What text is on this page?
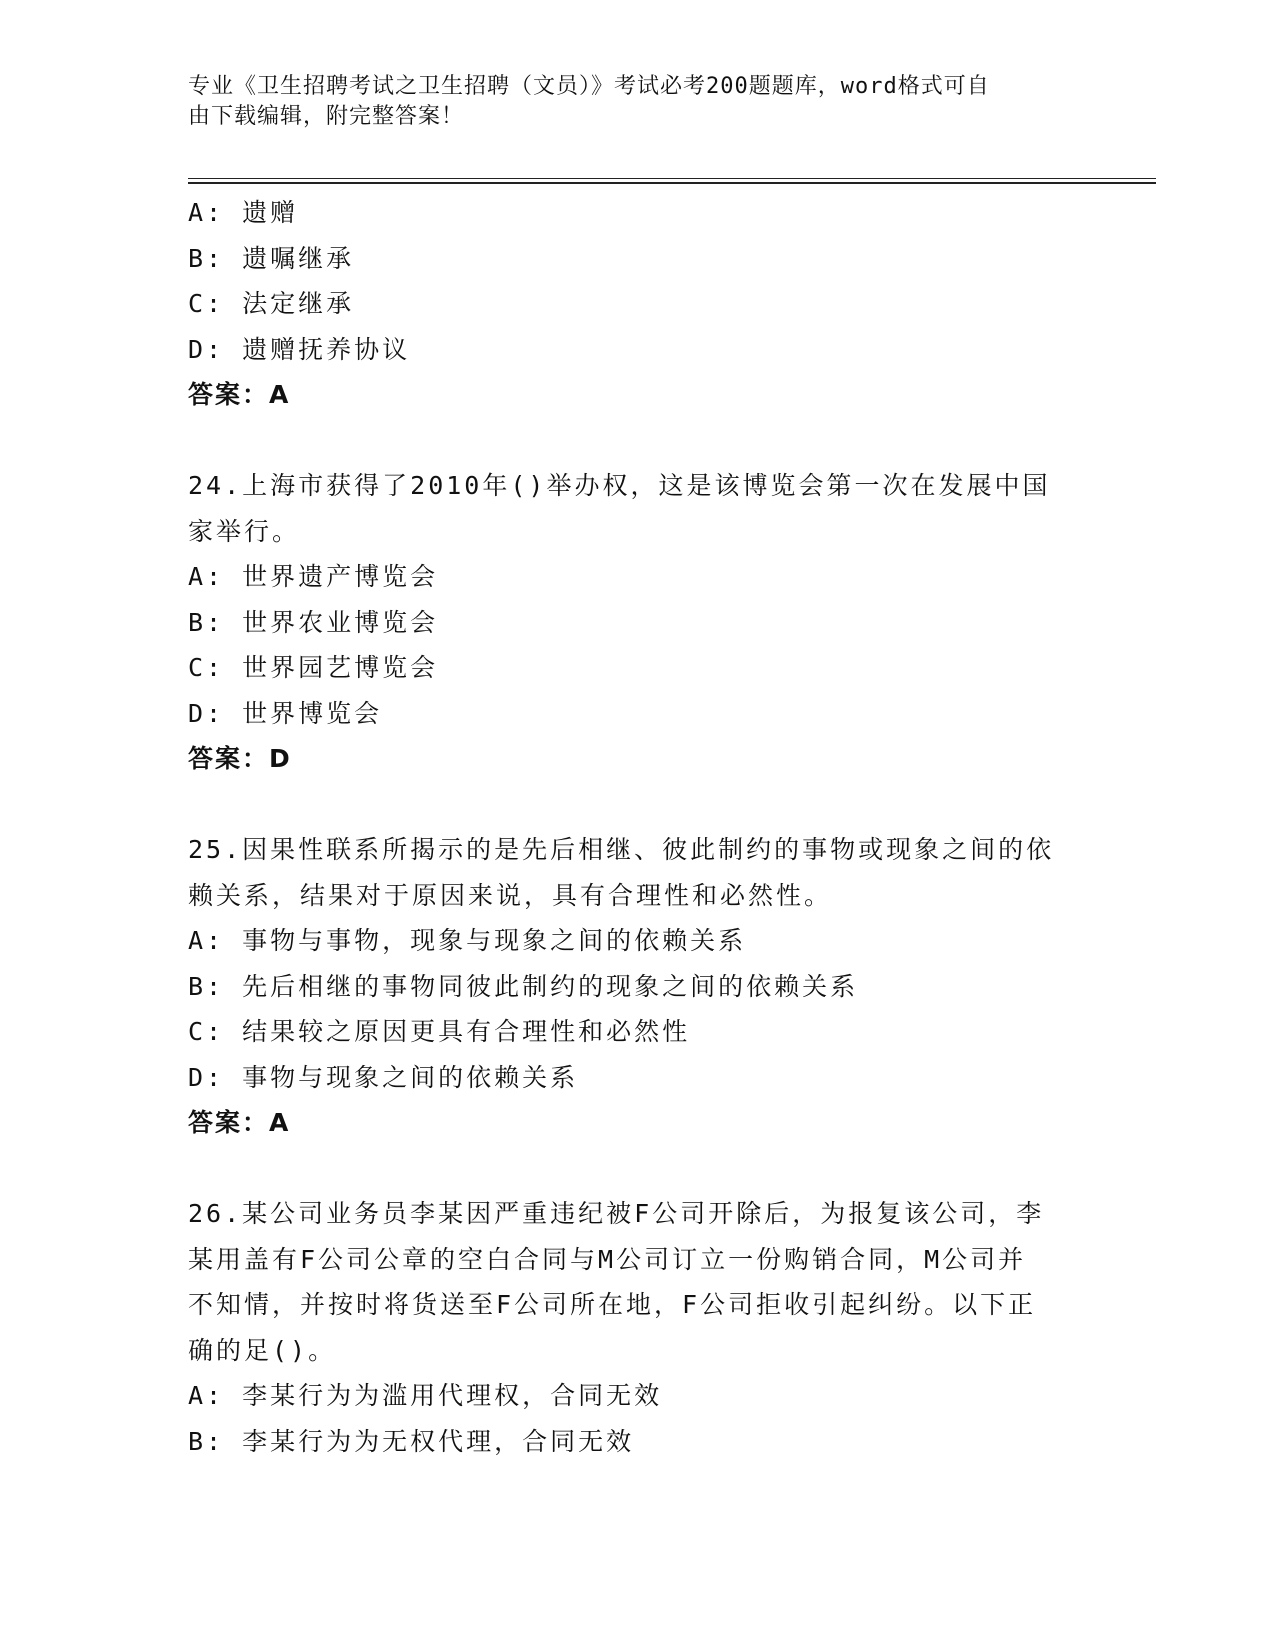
专业《卫生招聘考试之卫生招聘（文员）》考试必考200题题库，word格式可自
由下载编辑，附完整答案！
A: 遗赠
B: 遗嘱继承
C: 法定继承
D: 遗赠抚养协议
答案：A
24.上海市获得了2010年()举办权，这是该博览会第一次在发展中国
家举行。
A: 世界遗产博览会
B: 世界农业博览会
C: 世界园艺博览会
D: 世界博览会
答案：D
25.因果性联系所揭示的是先后相继、彼此制约的事物或现象之间的依
赖关系，结果对于原因来说，具有合理性和必然性。
A: 事物与事物，现象与现象之间的依赖关系
B: 先后相继的事物同彼此制约的现象之间的依赖关系
C: 结果较之原因更具有合理性和必然性
D: 事物与现象之间的依赖关系
答案：A
26.某公司业务员李某因严重违纪被F公司开除后，为报复该公司，李
某用盖有F公司公章的空白合同与M公司订立一份购销合同，M公司并
不知情，并按时将货送至F公司所在地，F公司拒收引起纠纷。以下正
确的足()。
A: 李某行为为滥用代理权，合同无效
B: 李某行为为无权代理，合同无效
